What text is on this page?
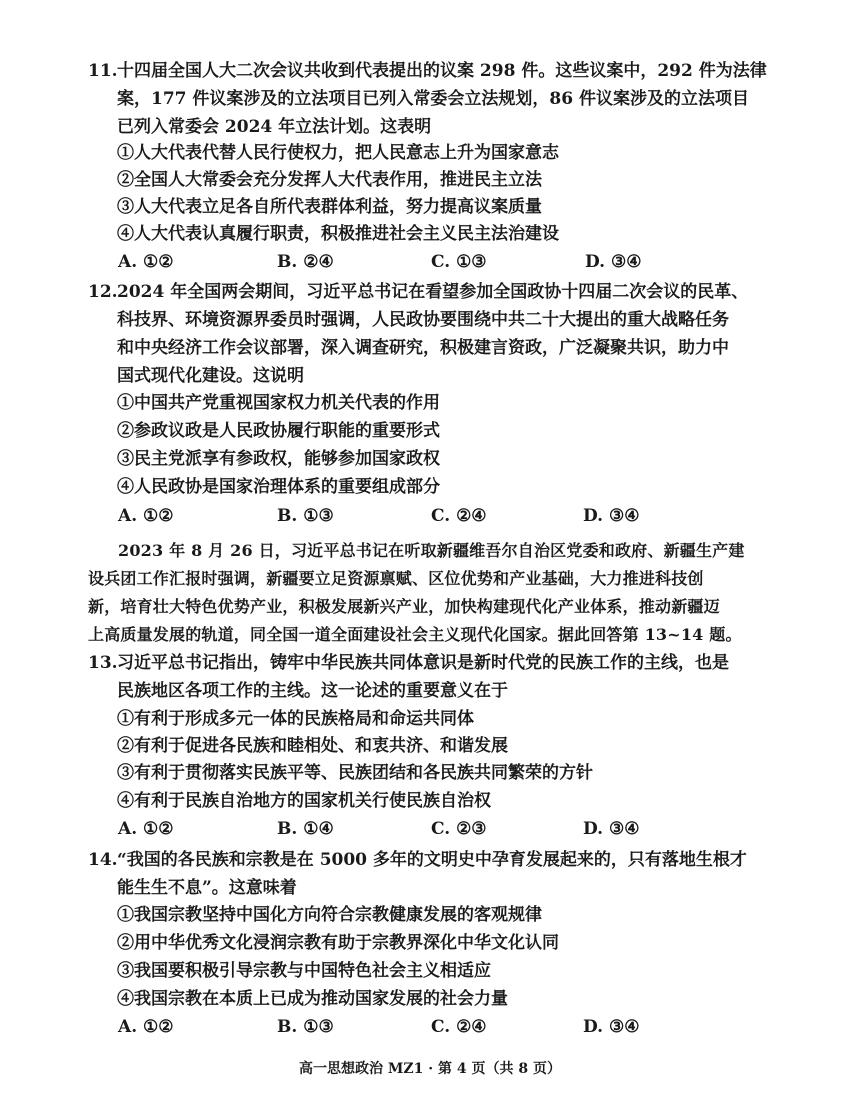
11. 十四届全国人大二次会议共收到代表提出的议案 298 件。这些议案中，292 件为法律
案，177 件议案涉及的立法项目已列入常委会立法规划，86 件议案涉及的立法项目
已列入常委会 2024 年立法计划。这表明
①人大代表代替人民行使权力，把人民意志上升为国家意志
②全国人大常委会充分发挥人大代表作用，推进民主立法
③人大代表立足各自所代表群体利益，努力提高议案质量
④人大代表认真履行职责，积极推进社会主义民主法治建设
A. ①②	B. ②④	C. ①③	D. ③④
12. 2024 年全国两会期间，习近平总书记在看望参加全国政协十四届二次会议的民革、
科技界、环境资源界委员时强调，人民政协要围绕中共二十大提出的重大战略任务
和中央经济工作会议部署，深入调查研究，积极建言资政，广泛凝聚共识，助力中
国式现代化建设。这说明
①中国共产党重视国家权力机关代表的作用
②参政议政是人民政协履行职能的重要形式
③民主党派享有参政权，能够参加国家政权
④人民政协是国家治理体系的重要组成部分
A. ①②	B. ①③	C. ②④	D. ③④
2023 年 8 月 26 日，习近平总书记在听取新疆维吾尔自治区党委和政府、新疆生产建
设兵团工作汇报时强调，新疆要立足资源禀赋、区位优势和产业基础，大力推进科技创
新，培育壮大特色优势产业，积极发展新兴产业，加快构建现代化产业体系，推动新疆迈
上高质量发展的轨道，同全国一道全面建设社会主义现代化国家。据此回答第 13~14 题。
13. 习近平总书记指出，铸牢中华民族共同体意识是新时代党的民族工作的主线，也是
民族地区各项工作的主线。这一论述的重要意义在于
①有利于形成多元一体的民族格局和命运共同体
②有利于促进各民族和睦相处、和衷共济、和谐发展
③有利于贯彻落实民族平等、民族团结和各民族共同繁荣的方针
④有利于民族自治地方的国家机关行使民族自治权
A. ①②	B. ①④	C. ②③	D. ③④
14. “我国的各民族和宗教是在 5000 多年的文明史中孕育发展起来的，只有落地生根才
能生生不息”。这意味着
①我国宗教坚持中国化方向符合宗教健康发展的客观规律
②用中华优秀文化浸润宗教有助于宗教界深化中华文化认同
③我国要积极引导宗教与中国特色社会主义相适应
④我国宗教在本质上已成为推动国家发展的社会力量
A. ①②	B. ①③	C. ②④	D. ③④
高一思想政治 MZ1 · 第 4 页（共 8 页）
